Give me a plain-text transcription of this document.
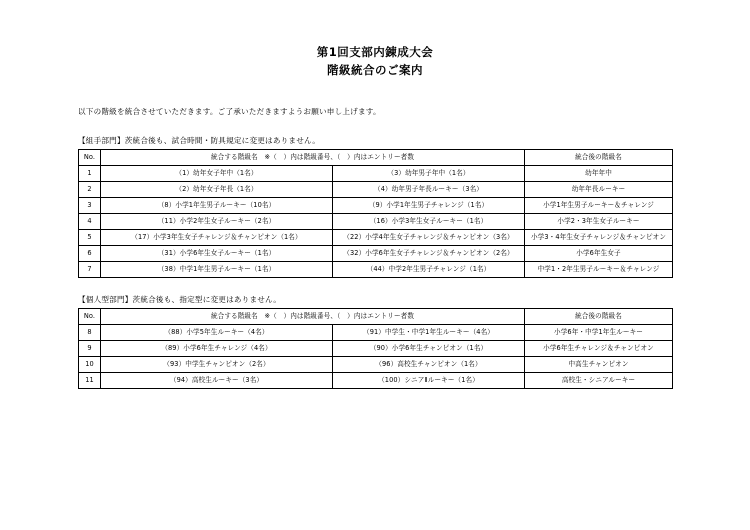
第1回支部内錬成大会
階級統合のご案内

以下の階級を統合させていただきます。ご了承いただきますようお願い申し上げます。

【組手部門】茨統合後も、試合時間・防具規定に変更はありません。

No.	統合する階級名　※（　）内は階級番号、（　）内はエントリー者数		統合後の階級名
1	（1）幼年女子年中（1名）	（3）幼年男子年中（1名）	幼年年中
2	（2）幼年女子年長（1名）	（4）幼年男子年長ルーキー（3名）	幼年年長ルーキー
3	（8）小学1年生男子ルーキー（10名）	（9）小学1年生男子チャレンジ（1名）	小学1年生男子ルーキー＆チャレンジ
4	（11）小学2年生女子ルーキー（2名）	（16）小学3年生女子ルーキー（1名）	小学2・3年生女子ルーキー
5	（17）小学3年生女子チャレンジ＆チャンピオン（1名）	（22）小学4年生女子チャレンジ＆チャンピオン（3名）	小学3・4年生女子チャレンジ＆チャンピオン
6	（31）小学6年生女子ルーキー（1名）	（32）小学6年生女子チャレンジ＆チャンピオン（2名）	小学6年生女子
7	（38）中学1年生男子ルーキー（1名）	（44）中学2年生男子チャレンジ（1名）	中学1・2年生男子ルーキー＆チャレンジ

【個人型部門】茨統合後も、指定型に変更はありません。

No.	統合する階級名　※（　）内は階級番号、（　）内はエントリー者数		統合後の階級名
8	（88）小学5年生ルーキー（4名）	（91）中学生・中学1年生ルーキー（4名）	小学6年・中学1年生ルーキー
9	（89）小学6年生チャレンジ（4名）	（90）小学6年生チャンピオン（1名）	小学6年生チャレンジ＆チャンピオン
10	（93）中学生チャンピオン（2名）	（96）高校生チャンピオン（1名）	中高生チャンピオン
11	（94）高校生ルーキー（3名）	（100）シニアⅡルーキー（1名）	高校生・シニアルーキー
